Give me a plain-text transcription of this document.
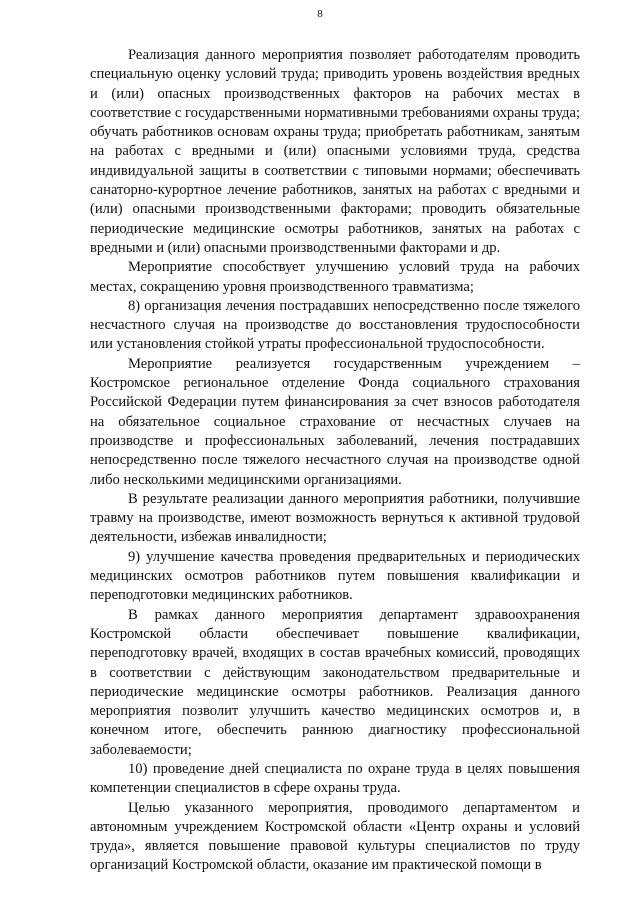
8

Реализация данного мероприятия позволяет работодателям проводить специальную оценку условий труда; приводить уровень воздействия вредных и (или) опасных производственных факторов на рабочих местах в соответствие с государственными нормативными требованиями охраны труда; обучать работников основам охраны труда; приобретать работникам, занятым на работах с вредными и (или) опасными условиями труда, средства индивидуальной защиты в соответствии с типовыми нормами; обеспечивать санаторно-курортное лечение работников, занятых на работах с вредными и (или) опасными производственными факторами; проводить обязательные периодические медицинские осмотры работников, занятых на работах с вредными и (или) опасными производственными факторами и др.

Мероприятие способствует улучшению условий труда на рабочих местах, сокращению уровня производственного травматизма;

8) организация лечения пострадавших непосредственно после тяжелого несчастного случая на производстве до восстановления трудоспособности или установления стойкой утраты профессиональной трудоспособности.

Мероприятие реализуется государственным учреждением – Костромское региональное отделение Фонда социального страхования Российской Федерации путем финансирования за счет взносов работодателя на обязательное социальное страхование от несчастных случаев на производстве и профессиональных заболеваний, лечения пострадавших непосредственно после тяжелого несчастного случая на производстве одной либо несколькими медицинскими организациями.

В результате реализации данного мероприятия работники, получившие травму на производстве, имеют возможность вернуться к активной трудовой деятельности, избежав инвалидности;

9) улучшение качества проведения предварительных и периодических медицинских осмотров работников путем повышения квалификации и переподготовки медицинских работников.

В рамках данного мероприятия департамент здравоохранения Костромской области обеспечивает повышение квалификации, переподготовку врачей, входящих в состав врачебных комиссий, проводящих в соответствии с действующим законодательством предварительные и периодические медицинские осмотры работников. Реализация данного мероприятия позволит улучшить качество медицинских осмотров и, в конечном итоге, обеспечить раннюю диагностику профессиональной заболеваемости;

10) проведение дней специалиста по охране труда в целях повышения компетенции специалистов в сфере охраны труда.

Целью указанного мероприятия, проводимого департаментом и автономным учреждением Костромской области «Центр охраны и условий труда», является повышение правовой культуры специалистов по труду организаций Костромской области, оказание им практической помощи в
